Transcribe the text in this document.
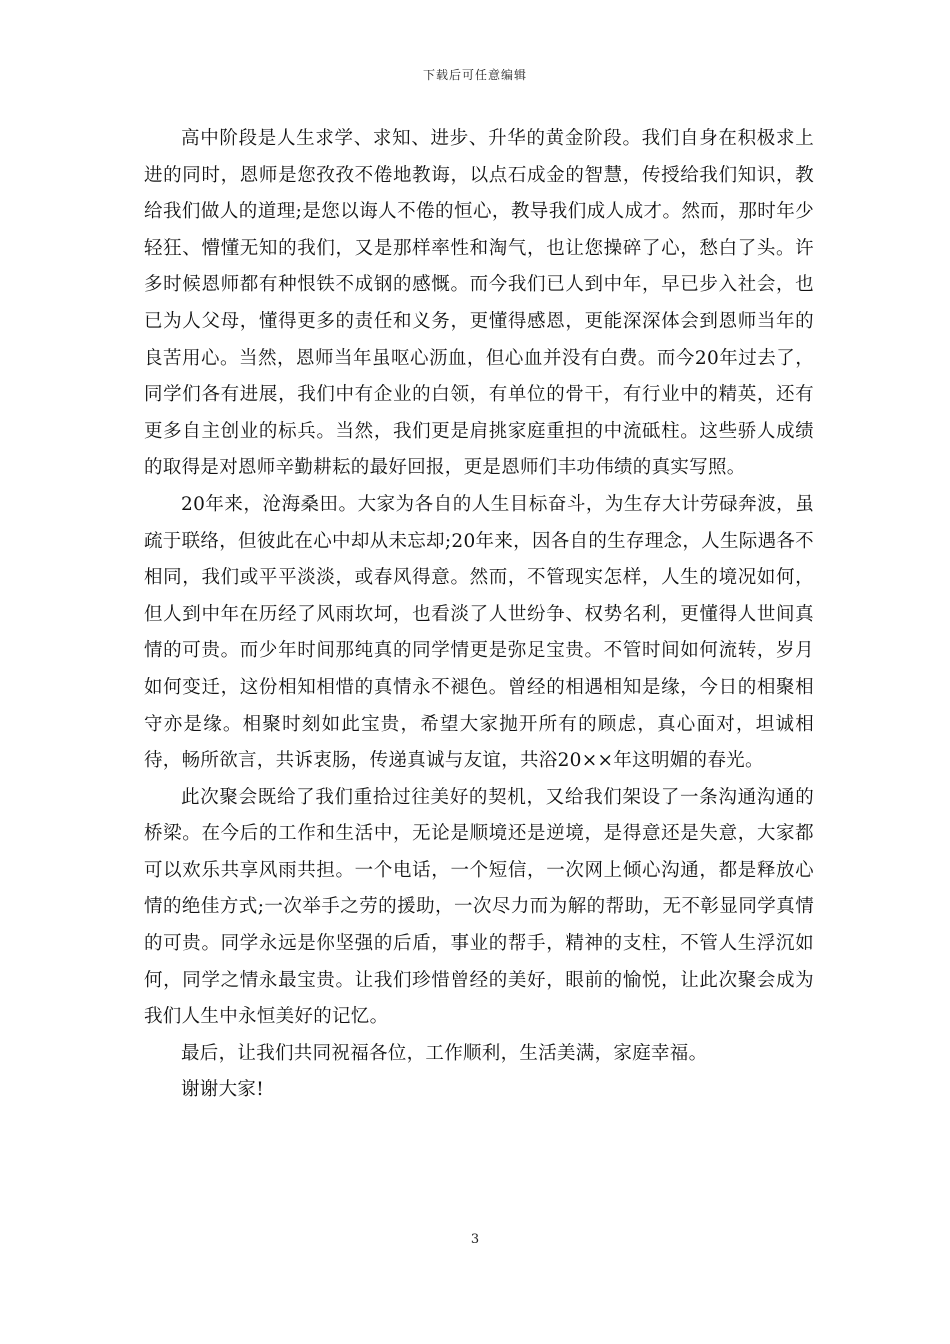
下载后可任意编辑

高中阶段是人生求学、求知、进步、升华的黄金阶段。我们自身在积极求上进的同时，恩师是您孜孜不倦地教诲，以点石成金的智慧，传授给我们知识，教给我们做人的道理;是您以诲人不倦的恒心，教导我们成人成才。然而，那时年少轻狂、懵懂无知的我们，又是那样率性和淘气，也让您操碎了心，愁白了头。许多时候恩师都有种恨铁不成钢的感慨。而今我们已人到中年，早已步入社会，也已为人父母，懂得更多的责任和义务，更懂得感恩，更能深深体会到恩师当年的良苦用心。当然，恩师当年虽呕心沥血，但心血并没有白费。而今20年过去了，同学们各有进展，我们中有企业的白领，有单位的骨干，有行业中的精英，还有更多自主创业的标兵。当然，我们更是肩挑家庭重担的中流砥柱。这些骄人成绩的取得是对恩师辛勤耕耘的最好回报，更是恩师们丰功伟绩的真实写照。

20年来，沧海桑田。大家为各自的人生目标奋斗，为生存大计劳碌奔波，虽疏于联络，但彼此在心中却从未忘却;20年来，因各自的生存理念，人生际遇各不相同，我们或平平淡淡，或春风得意。然而，不管现实怎样，人生的境况如何，但人到中年在历经了风雨坎坷，也看淡了人世纷争、权势名利，更懂得人世间真情的可贵。而少年时间那纯真的同学情更是弥足宝贵。不管时间如何流转，岁月如何变迁，这份相知相惜的真情永不褪色。曾经的相遇相知是缘，今日的相聚相守亦是缘。相聚时刻如此宝贵，希望大家抛开所有的顾虑，真心面对，坦诚相待，畅所欲言，共诉衷肠，传递真诚与友谊，共浴20××年这明媚的春光。

此次聚会既给了我们重拾过往美好的契机，又给我们架设了一条沟通沟通的桥梁。在今后的工作和生活中，无论是顺境还是逆境，是得意还是失意，大家都可以欢乐共享风雨共担。一个电话，一个短信，一次网上倾心沟通，都是释放心情的绝佳方式;一次举手之劳的援助，一次尽力而为解的帮助，无不彰显同学真情的可贵。同学永远是你坚强的后盾，事业的帮手，精神的支柱，不管人生浮沉如何，同学之情永最宝贵。让我们珍惜曾经的美好，眼前的愉悦，让此次聚会成为我们人生中永恒美好的记忆。

最后，让我们共同祝福各位，工作顺利，生活美满，家庭幸福。

谢谢大家!

3
